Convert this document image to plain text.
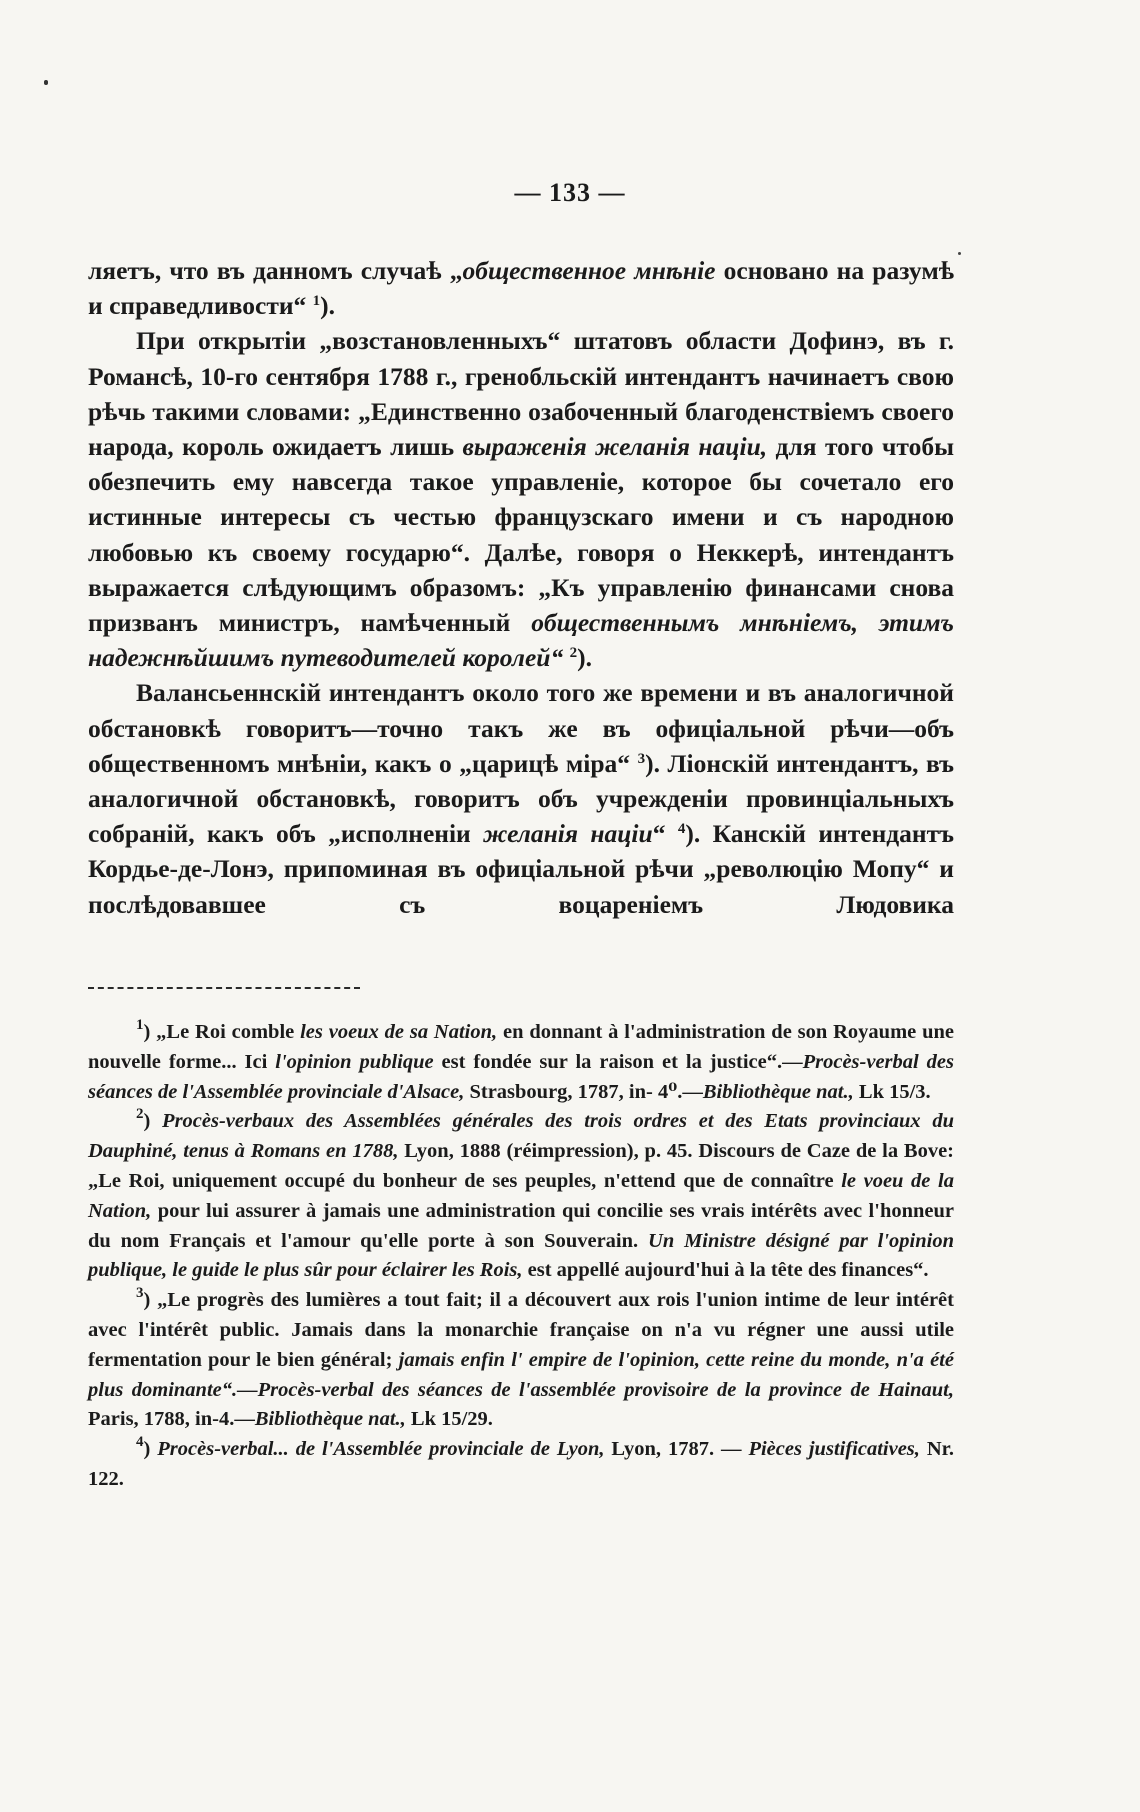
— 133 —

ляетъ, что въ данномъ случаѣ „общественное мнѣніе основано на разумѣ и справедливости“ $^1$).

При открытіи „возстановленныхъ“ штатовъ области Дофинэ, въ г. Романсѣ, 10-го сентября 1788 г., гренобльскій интендантъ начинаетъ свою рѣчь такими словами: „Единственно озабоченный благоденствіемъ своего народа, король ожидаетъ лишь выраженія желанія націи, для того чтобы обезпечить ему навсегда такое управленіе, которое бы сочетало его истинные интересы съ честью французскаго имени и съ народною любовью къ своему государю“. Далѣе, говоря о Неккерѣ, интендантъ выражается слѣдующимъ образомъ: „Къ управленію финансами снова призванъ министръ, намѣченный общественнымъ мнѣніемъ, этимъ надежнѣйшимъ путеводителей королей“ $^2$).

Валансьеннскій интендантъ около того же времени и въ аналогичной обстановкѣ говоритъ—точно такъ же въ офиціальной рѣчи—объ общественномъ мнѣніи, какъ о „царицѣ міра“ $^3$). Ліонскій интендантъ, въ аналогичной обстановкѣ, говоритъ объ учрежденіи провинціальныхъ собраній, какъ объ „исполненіи желанія націи“ $^4$). Канскій интендантъ Кордье-де-Лонэ, припоминая въ офиціальной рѣчи „революцію Мопу“ и послѣдовавшее съ воцареніемъ Людовика

$^1$) „Le Roi comble les voeux de sa Nation, en donnant à l'administration de son Royaume une nouvelle forme... Ici l'opinion publique est fondée sur la raison et la justice“.—Procès-verbal des séances de l'Assemblée provinciale d'Alsace, Strasbourg, 1787, in- 4⁰.—Bibliothèque nat., Lk 15/3.

$^2$) Procès-verbaux des Assemblées générales des trois ordres et des Etats provinciaux du Dauphiné, tenus à Romans en 1788, Lyon, 1888 (réimpression), p. 45. Discours de Caze de la Bove: „Le Roi, uniquement occupé du bonheur de ses peuples, n'ettend que de connaître le voeu de la Nation, pour lui assurer à jamais une administration qui concilie ses vrais intérêts avec l'honneur du nom Français et l'amour qu'elle porte à son Souverain. Un Ministre désigné par l'opinion publique, le guide le plus sûr pour éclairer les Rois, est appellé aujourd'hui à la tête des finances“.

$^3$) „Le progrès des lumières a tout fait; il a découvert aux rois l'union intime de leur intérêt avec l'intérêt public. Jamais dans la monarchie française on n'a vu régner une aussi utile fermentation pour le bien général; jamais enfin l' empire de l'opinion, cette reine du monde, n'a été plus dominante“.—Procès-verbal des séances de l'assemblée provisoire de la province de Hainaut, Paris, 1788, in-4.—Bibliothèque nat., Lk 15/29.

$^4$) Procès-verbal... de l'Assemblée provinciale de Lyon, Lyon, 1787. — Pièces justificatives, Nr. 122.
